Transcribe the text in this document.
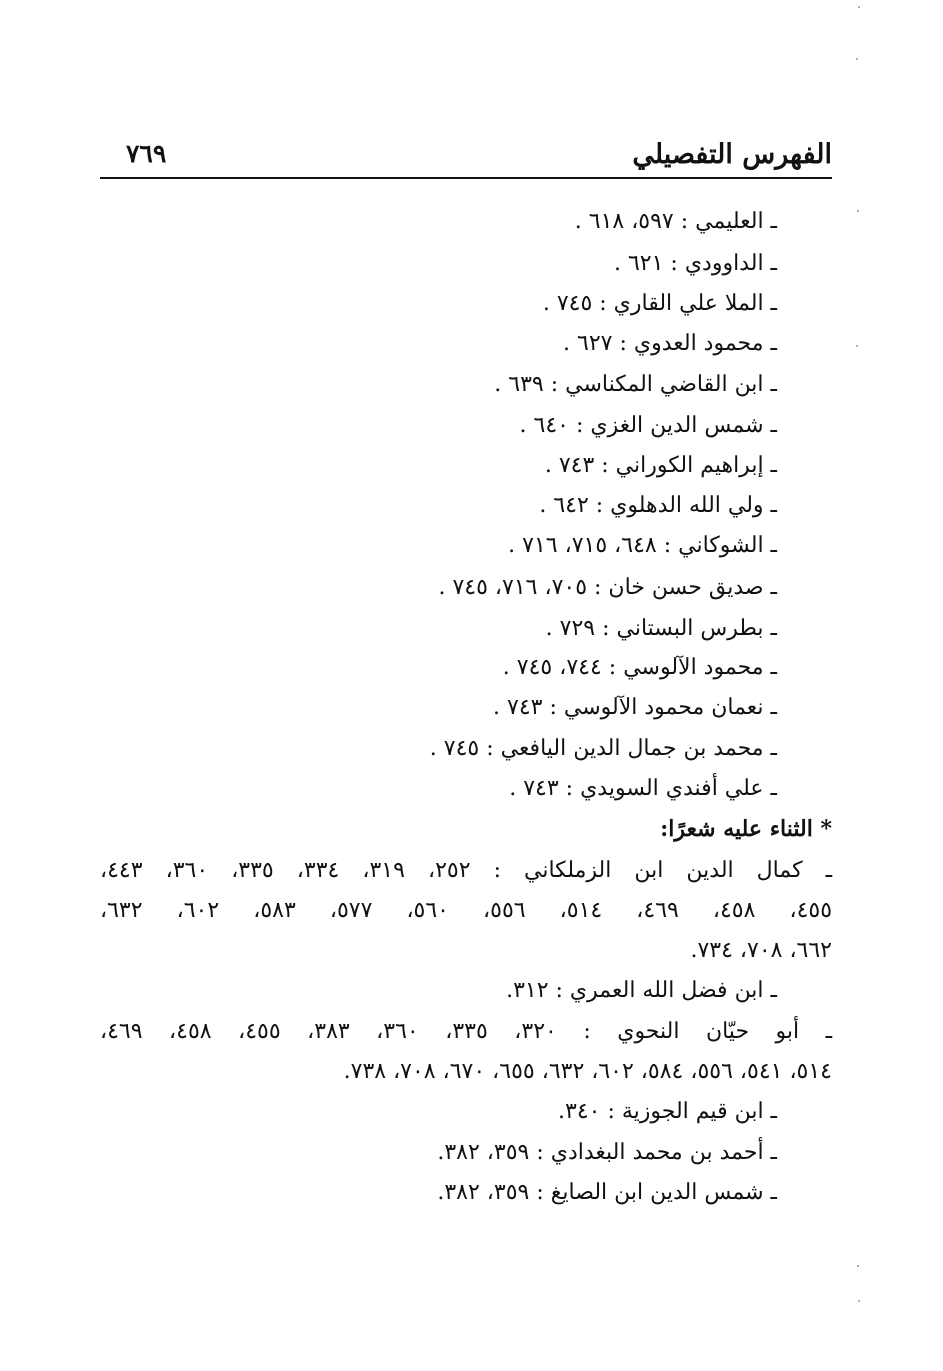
الفهرس التفصيلي
٧٦٩
ـ العليمي : ٥٩٧، ٦١٨ .
ـ الداوودي : ٦٢١ .
ـ الملا علي القاري : ٧٤٥ .
ـ محمود العدوي : ٦٢٧ .
ـ ابن القاضي المكناسي : ٦٣٩ .
ـ شمس الدين الغزي : ٦٤٠ .
ـ إبراهيم الكوراني : ٧٤٣ .
ـ ولي الله الدهلوي : ٦٤٢ .
ـ الشوكاني : ٦٤٨، ٧١٥، ٧١٦ .
ـ صديق حسن خان : ٧٠٥، ٧١٦، ٧٤٥ .
ـ بطرس البستاني : ٧٢٩ .
ـ محمود الآلوسي : ٧٤٤، ٧٤٥ .
ـ نعمان محمود الآلوسي : ٧٤٣ .
ـ محمد بن جمال الدين اليافعي : ٧٤٥ .
ـ علي أفندي السويدي : ٧٤٣ .
* الثناء عليه شعرًا:
ـ كمال الدين ابن الزملكاني : ٢٥٢، ٣١٩، ٣٣٤، ٣٣٥، ٣٦٠، ٤٤٣،
٤٥٥، ٤٥٨، ٤٦٩، ٥١٤، ٥٥٦، ٥٦٠، ٥٧٧، ٥٨٣، ٦٠٢، ٦٣٢،
٦٦٢، ٧٠٨، ٧٣٤.
ـ ابن فضل الله العمري : ٣١٢.
ـ أبو حيّان النحوي : ٣٢٠، ٣٣٥، ٣٦٠، ٣٨٣، ٤٥٥، ٤٥٨، ٤٦٩،
٥١٤، ٥٤١، ٥٥٦، ٥٨٤، ٦٠٢، ٦٣٢، ٦٥٥، ٦٧٠، ٧٠٨، ٧٣٨.
ـ ابن قيم الجوزية : ٣٤٠.
ـ أحمد بن محمد البغدادي : ٣٥٩، ٣٨٢.
ـ شمس الدين ابن الصايغ : ٣٥٩، ٣٨٢.
